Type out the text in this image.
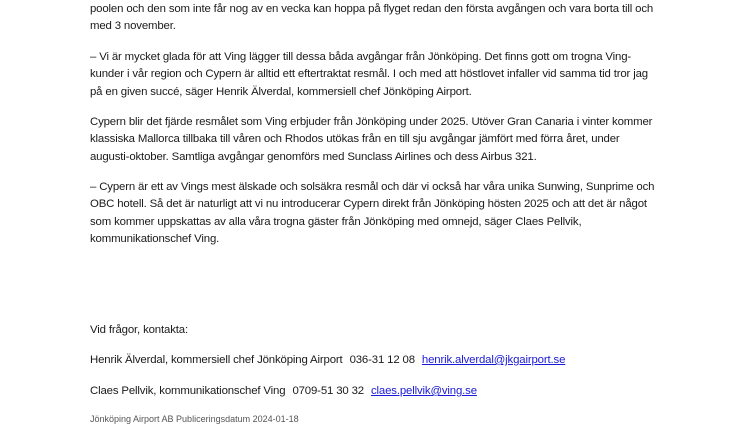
poolen och den som inte får nog av en vecka kan hoppa på flyget redan den första avgången och vara borta till och med 3 november.

– Vi är mycket glada för att Ving lägger till dessa båda avgångar från Jönköping. Det finns gott om trogna Ving-kunder i vår region och Cypern är alltid ett eftertraktat resmål. I och med att höstlovet infaller vid samma tid tror jag på en given succé, säger Henrik Älverdal, kommersiell chef Jönköping Airport.

Cypern blir det fjärde resmålet som Ving erbjuder från Jönköping under 2025. Utöver Gran Canaria i vinter kommer klassiska Mallorca tillbaka till våren och Rhodos utökas från en till sju avgångar jämfört med förra året, under augusti-oktober. Samtliga avgångar genomförs med Sunclass Airlines och dess Airbus 321.

– Cypern är ett av Vings mest älskade och solsäkra resmål och där vi också har våra unika Sunwing, Sunprime och OBC hotell. Så det är naturligt att vi nu introducerar Cypern direkt från Jönköping hösten 2025 och att det är något som kommer uppskattas av alla våra trogna gäster från Jönköping med omnejd, säger Claes Pellvik, kommunikationschef Ving.

Vid frågor, kontakta:

Henrik Älverdal, kommersiell chef Jönköping Airport 036-31 12 08 henrik.alverdal@jkgairport.se

Claes Pellvik, kommunikationschef Ving 0709-51 30 32 claes.pellvik@ving.se

Jönköping Airport AB Publiceringsdatum 2024-01-18
